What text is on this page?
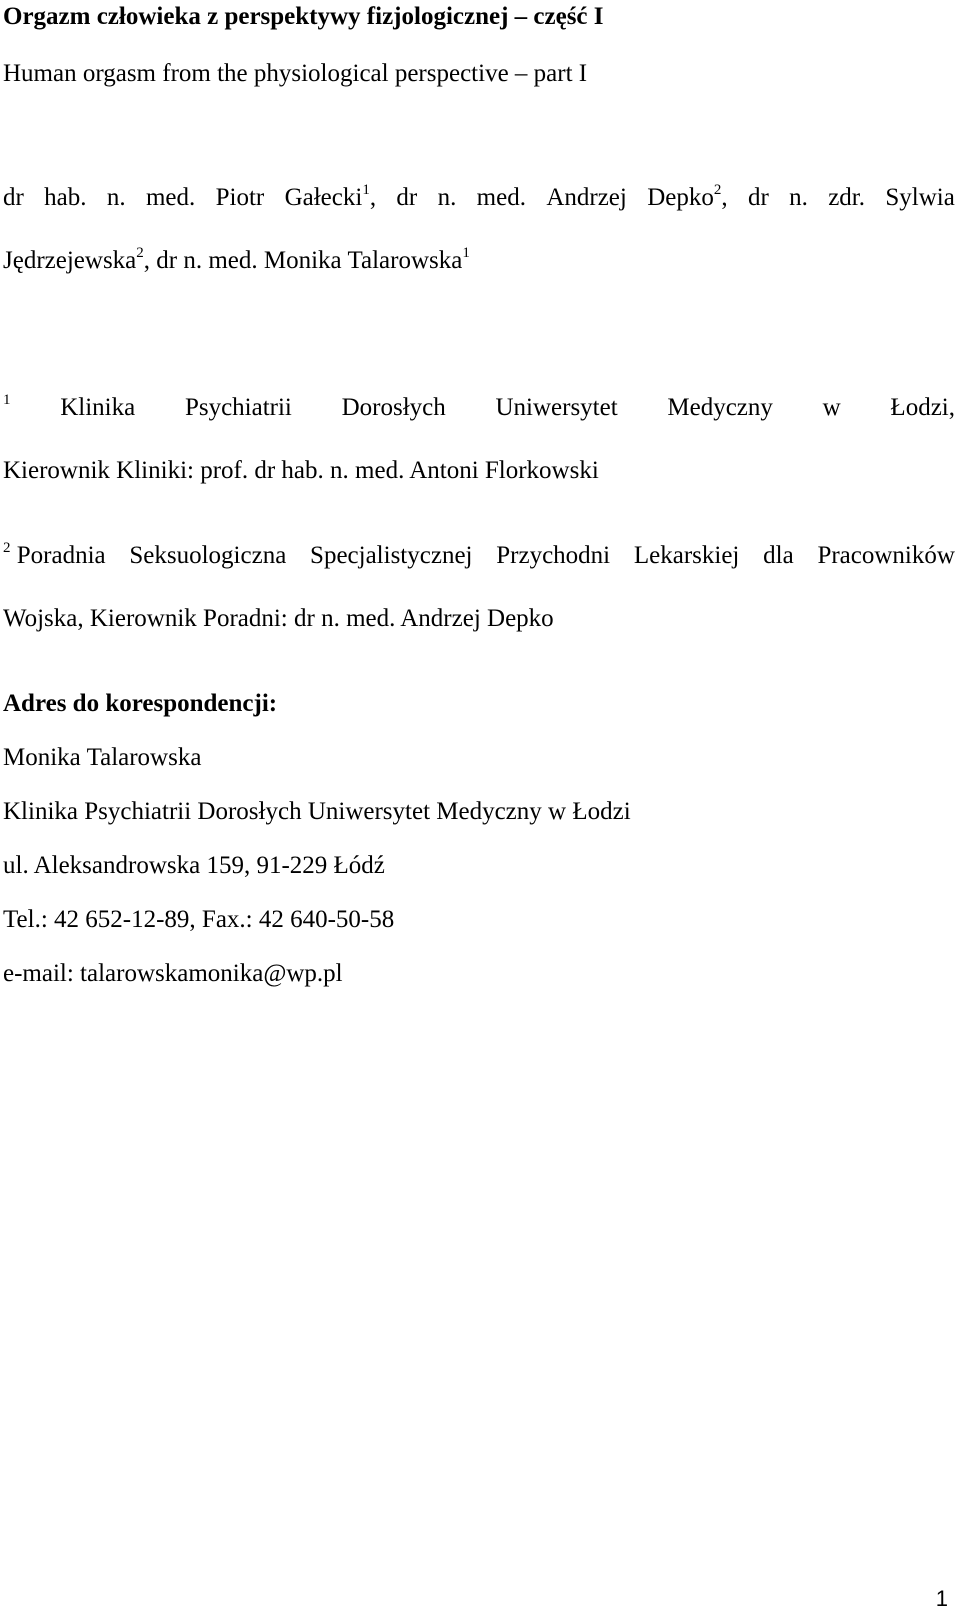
Orgazm człowieka z perspektywy fizjologicznej – część I
Human orgasm from the physiological perspective – part I
dr hab. n. med. Piotr Gałecki$^1$, dr n. med. Andrzej Depko$^2$, dr n. zdr. Sylwia
Jędrzejewska$^2$, dr n. med. Monika Talarowska$^1$
$^1$ Klinika Psychiatrii Dorosłych Uniwersytet Medyczny w Łodzi,
Kierownik Kliniki: prof. dr hab. n. med. Antoni Florkowski
$^2$ Poradnia Seksuologiczna Specjalistycznej Przychodni Lekarskiej dla Pracowników
Wojska, Kierownik Poradni: dr n. med. Andrzej Depko
Adres do korespondencji:
Monika Talarowska
Klinika Psychiatrii Dorosłych Uniwersytet Medyczny w Łodzi
ul. Aleksandrowska 159, 91-229 Łódź
Tel.: 42 652-12-89, Fax.: 42 640-50-58
e-mail: talarowskamonika@wp.pl
1
